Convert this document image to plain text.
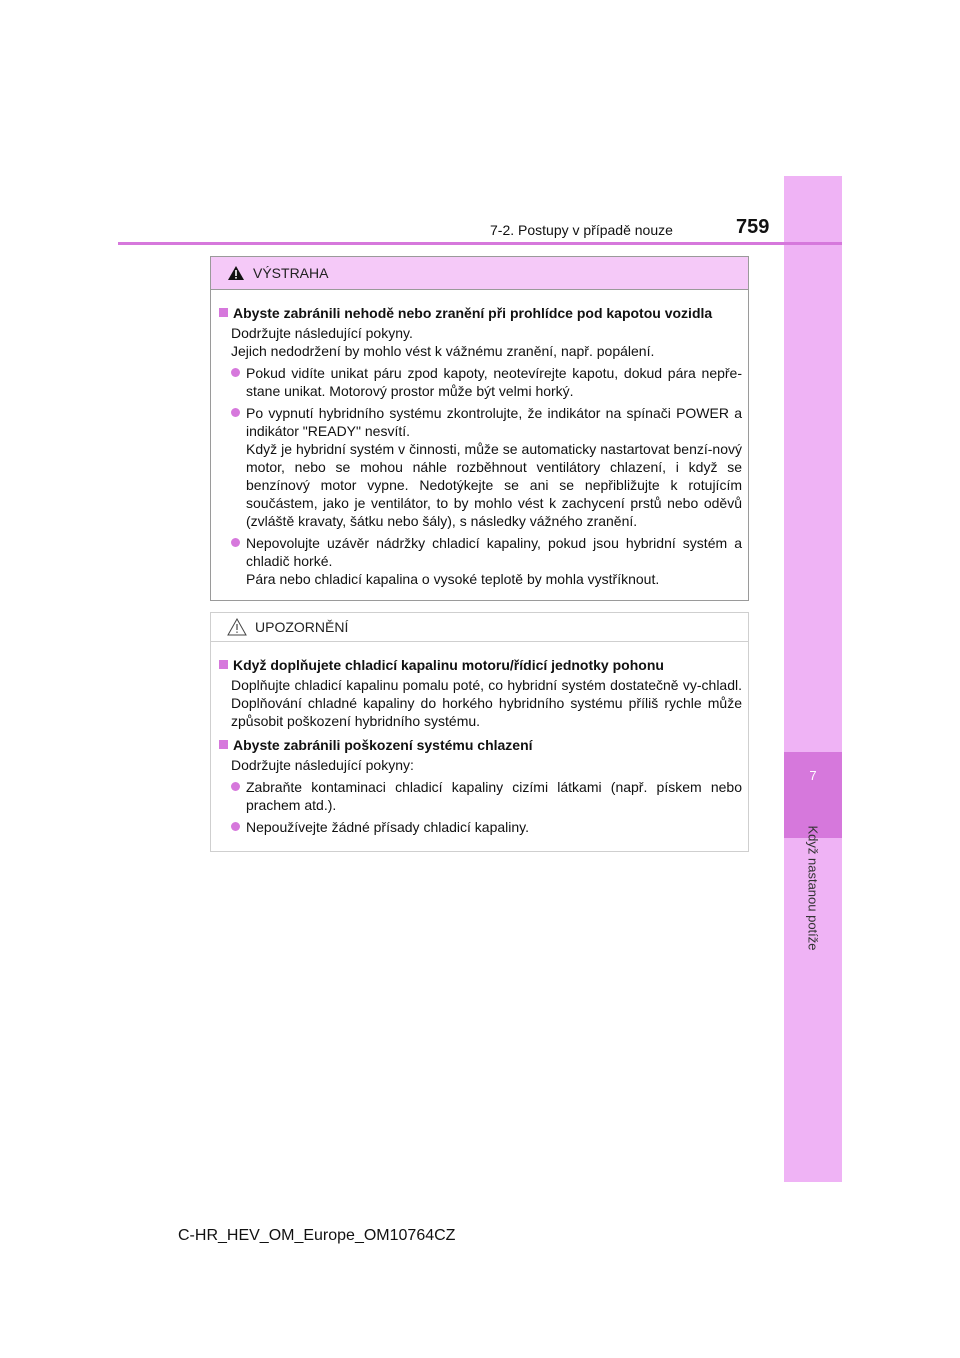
7
Když nastanou potíže
7-2. Postupy v případě nouze	759
VÝSTRAHA
Abyste zabránili nehodě nebo zranění při prohlídce pod kapotou vozidla
Dodržujte následující pokyny.
Jejich nedodržení by mohlo vést k vážnému zranění, např. popálení.
Pokud vidíte unikat páru zpod kapoty, neotevírejte kapotu, dokud pára nepře-stane unikat. Motorový prostor může být velmi horký.
Po vypnutí hybridního systému zkontrolujte, že indikátor na spínači POWER a indikátor "READY" nesvítí.
Když je hybridní systém v činnosti, může se automaticky nastartovat benzí-nový motor, nebo se mohou náhle rozběhnout ventilátory chlazení, i když se benzínový motor vypne. Nedotýkejte se ani se nepřibližujte k rotujícím součástem, jako je ventilátor, to by mohlo vést k zachycení prstů nebo oděvů (zvláště kravaty, šátku nebo šály), s následky vážného zranění.
Nepovolujte uzávěr nádržky chladicí kapaliny, pokud jsou hybridní systém a chladič horké.
Pára nebo chladicí kapalina o vysoké teplotě by mohla vystříknout.
UPOZORNĚNÍ
Když doplňujete chladicí kapalinu motoru/řídicí jednotky pohonu
Doplňujte chladicí kapalinu pomalu poté, co hybridní systém dostatečně vy-chladl. Doplňování chladné kapaliny do horkého hybridního systému příliš rychle může způsobit poškození hybridního systému.
Abyste zabránili poškození systému chlazení
Dodržujte následující pokyny:
Zabraňte kontaminaci chladicí kapaliny cizími látkami (např. pískem nebo prachem atd.).
Nepoužívejte žádné přísady chladicí kapaliny.
C-HR_HEV_OM_Europe_OM10764CZ
